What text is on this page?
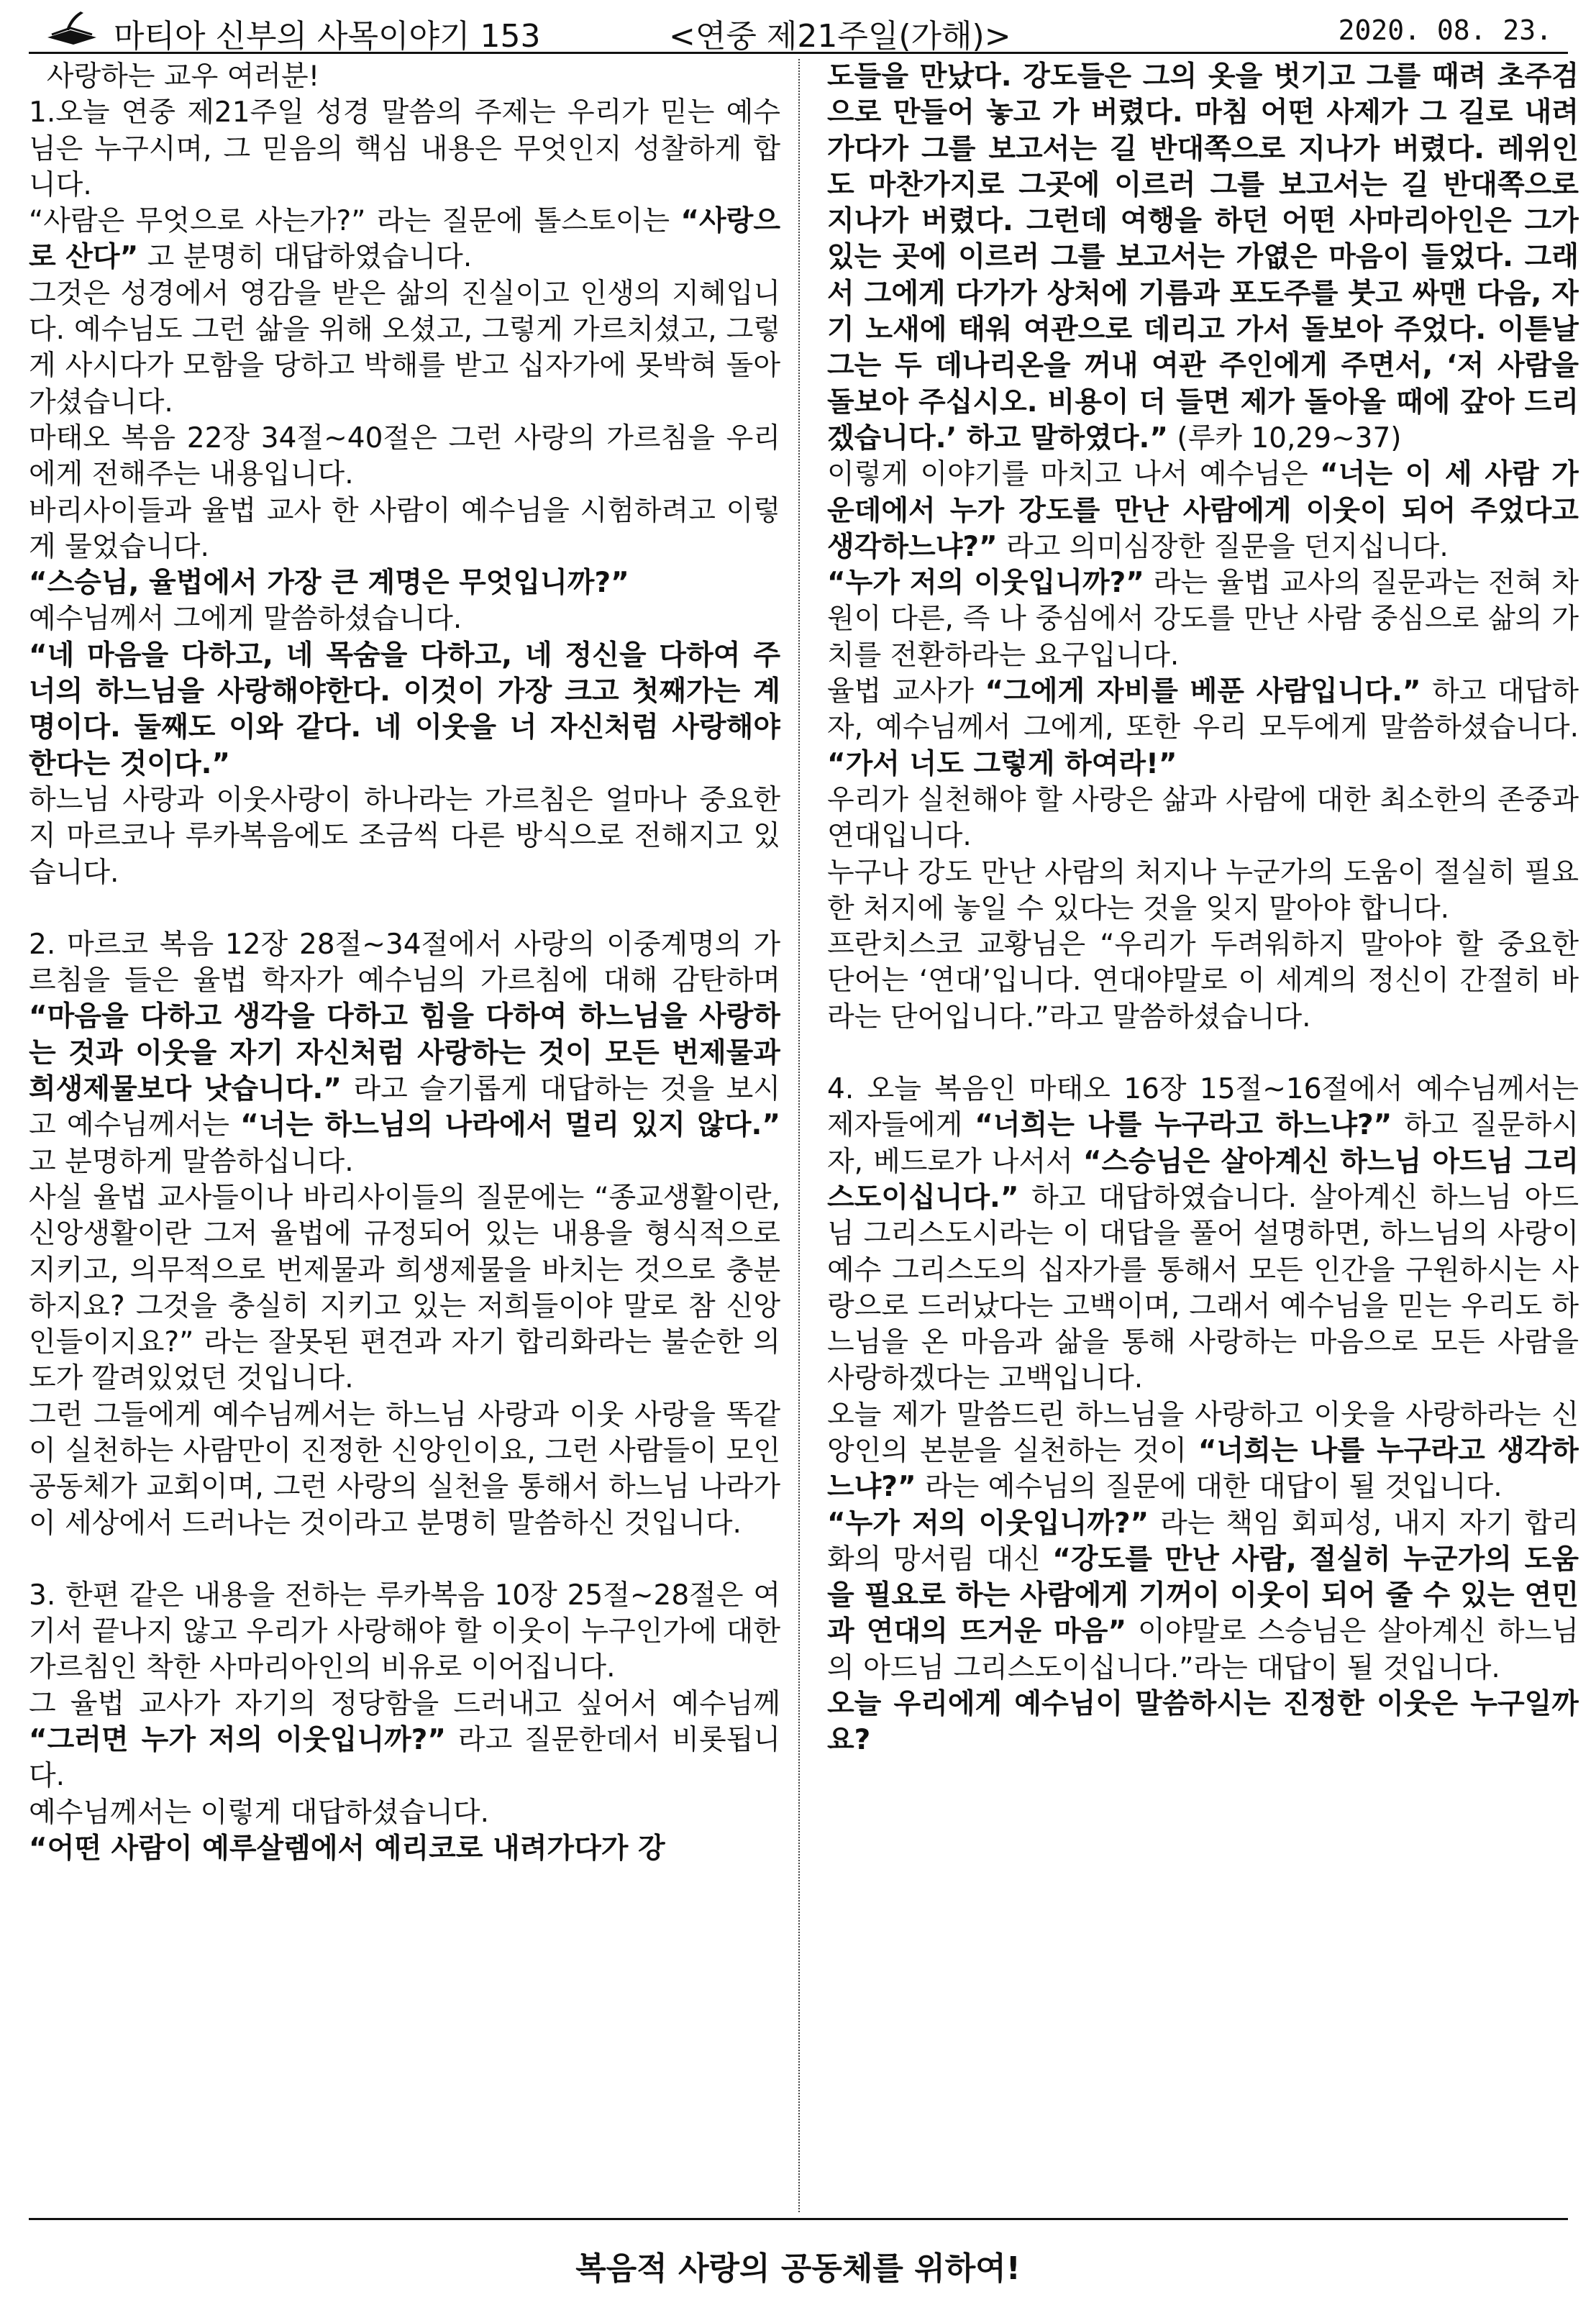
마티아 신부의 사목이야기 153	<연중 제21주일(가해)>	2020. 08. 23.

사랑하는 교우 여러분!

1.오늘 연중 제21주일 성경 말씀의 주제는 우리가 믿는 예수님은 누구시며, 그 믿음의 핵심 내용은 무엇인지 성찰하게 합니다.

“사람은 무엇으로 사는가?” 라는 질문에 톨스토이는 “사랑으로 산다” 고 분명히 대답하였습니다.

그것은 성경에서 영감을 받은 삶의 진실이고 인생의 지혜입니다. 예수님도 그런 삶을 위해 오셨고, 그렇게 가르치셨고, 그렇게 사시다가 모함을 당하고 박해를 받고 십자가에 못박혀 돌아가셨습니다.

마태오 복음 22장 34절~40절은 그런 사랑의 가르침을 우리에게 전해주는 내용입니다.

바리사이들과 율법 교사 한 사람이 예수님을 시험하려고 이렇게 물었습니다.

“스승님, 율법에서 가장 큰 계명은 무엇입니까?”

예수님께서 그에게 말씀하셨습니다.

“네 마음을 다하고, 네 목숨을 다하고, 네 정신을 다하여 주 너의 하느님을 사랑해야한다. 이것이 가장 크고 첫째가는 계명이다. 둘째도 이와 같다. 네 이웃을 너 자신처럼 사랑해야 한다는 것이다.”

하느님 사랑과 이웃사랑이 하나라는 가르침은 얼마나 중요한지 마르코나 루카복음에도 조금씩 다른 방식으로 전해지고 있습니다.

2. 마르코 복음 12장 28절~34절에서 사랑의 이중계명의 가르침을 들은 율법 학자가 예수님의 가르침에 대해 감탄하며 “마음을 다하고 생각을 다하고 힘을 다하여 하느님을 사랑하는 것과 이웃을 자기 자신처럼 사랑하는 것이 모든 번제물과 희생제물보다 낫습니다.” 라고 슬기롭게 대답하는 것을 보시고 예수님께서는 “너는 하느님의 나라에서 멀리 있지 않다.” 고 분명하게 말씀하십니다.

사실 율법 교사들이나 바리사이들의 질문에는 “종교생활이란, 신앙생활이란 그저 율법에 규정되어 있는 내용을 형식적으로 지키고, 의무적으로 번제물과 희생제물을 바치는 것으로 충분하지요? 그것을 충실히 지키고 있는 저희들이야 말로 참 신앙인들이지요?” 라는 잘못된 편견과 자기 합리화라는 불순한 의도가 깔려있었던 것입니다.

그런 그들에게 예수님께서는 하느님 사랑과 이웃 사랑을 똑같이 실천하는 사람만이 진정한 신앙인이요, 그런 사람들이 모인 공동체가 교회이며, 그런 사랑의 실천을 통해서 하느님 나라가 이 세상에서 드러나는 것이라고 분명히 말씀하신 것입니다.

3. 한편 같은 내용을 전하는 루카복음 10장 25절~28절은 여기서 끝나지 않고 우리가 사랑해야 할 이웃이 누구인가에 대한 가르침인 착한 사마리아인의 비유로 이어집니다.

그 율법 교사가 자기의 정당함을 드러내고 싶어서 예수님께 “그러면 누가 저의 이웃입니까?” 라고 질문한데서 비롯됩니다.

예수님께서는 이렇게 대답하셨습니다.

“어떤 사람이 예루살렘에서 예리코로 내려가다가 강

도들을 만났다. 강도들은 그의 옷을 벗기고 그를 때려 초주검으로 만들어 놓고 가 버렸다. 마침 어떤 사제가 그 길로 내려가다가 그를 보고서는 길 반대쪽으로 지나가 버렸다. 레위인도 마찬가지로 그곳에 이르러 그를 보고서는 길 반대쪽으로 지나가 버렸다. 그런데 여행을 하던 어떤 사마리아인은 그가 있는 곳에 이르러 그를 보고서는 가엾은 마음이 들었다. 그래서 그에게 다가가 상처에 기름과 포도주를 붓고 싸맨 다음, 자기 노새에 태워 여관으로 데리고 가서 돌보아 주었다. 이튿날 그는 두 데나리온을 꺼내 여관 주인에게 주면서, ‘저 사람을 돌보아 주십시오. 비용이 더 들면 제가 돌아올 때에 갚아 드리겠습니다.’ 하고 말하였다.” (루카 10,29~37)

이렇게 이야기를 마치고 나서 예수님은 “너는 이 세 사람 가운데에서 누가 강도를 만난 사람에게 이웃이 되어 주었다고 생각하느냐?” 라고 의미심장한 질문을 던지십니다.

“누가 저의 이웃입니까?” 라는 율법 교사의 질문과는 전혀 차원이 다른, 즉 나 중심에서 강도를 만난 사람 중심으로 삶의 가치를 전환하라는 요구입니다.

율법 교사가 “그에게 자비를 베푼 사람입니다.” 하고 대답하자, 예수님께서 그에게, 또한 우리 모두에게 말씀하셨습니다. “가서 너도 그렇게 하여라!”

우리가 실천해야 할 사랑은 삶과 사람에 대한 최소한의 존중과 연대입니다.

누구나 강도 만난 사람의 처지나 누군가의 도움이 절실히 필요한 처지에 놓일 수 있다는 것을 잊지 말아야 합니다.

프란치스코 교황님은 “우리가 두려워하지 말아야 할 중요한 단어는 ‘연대’입니다. 연대야말로 이 세계의 정신이 간절히 바라는 단어입니다.”라고 말씀하셨습니다.

4. 오늘 복음인 마태오 16장 15절~16절에서 예수님께서는 제자들에게 “너희는 나를 누구라고 하느냐?” 하고 질문하시자, 베드로가 나서서 “스승님은 살아계신 하느님 아드님 그리스도이십니다.” 하고 대답하였습니다. 살아계신 하느님 아드님 그리스도시라는 이 대답을 풀어 설명하면, 하느님의 사랑이 예수 그리스도의 십자가를 통해서 모든 인간을 구원하시는 사랑으로 드러났다는 고백이며, 그래서 예수님을 믿는 우리도 하느님을 온 마음과 삶을 통해 사랑하는 마음으로 모든 사람을 사랑하겠다는 고백입니다.

오늘 제가 말씀드린 하느님을 사랑하고 이웃을 사랑하라는 신앙인의 본분을 실천하는 것이 “너희는 나를 누구라고 생각하느냐?” 라는 예수님의 질문에 대한 대답이 될 것입니다.

“누가 저의 이웃입니까?” 라는 책임 회피성, 내지 자기 합리화의 망서림 대신 “강도를 만난 사람, 절실히 누군가의 도움을 필요로 하는 사람에게 기꺼이 이웃이 되어 줄 수 있는 연민과 연대의 뜨거운 마음” 이야말로 스승님은 살아계신 하느님의 아드님 그리스도이십니다.”라는 대답이 될 것입니다.

오늘 우리에게 예수님이 말씀하시는 진정한 이웃은 누구일까요?

복음적 사랑의 공동체를 위하여!
